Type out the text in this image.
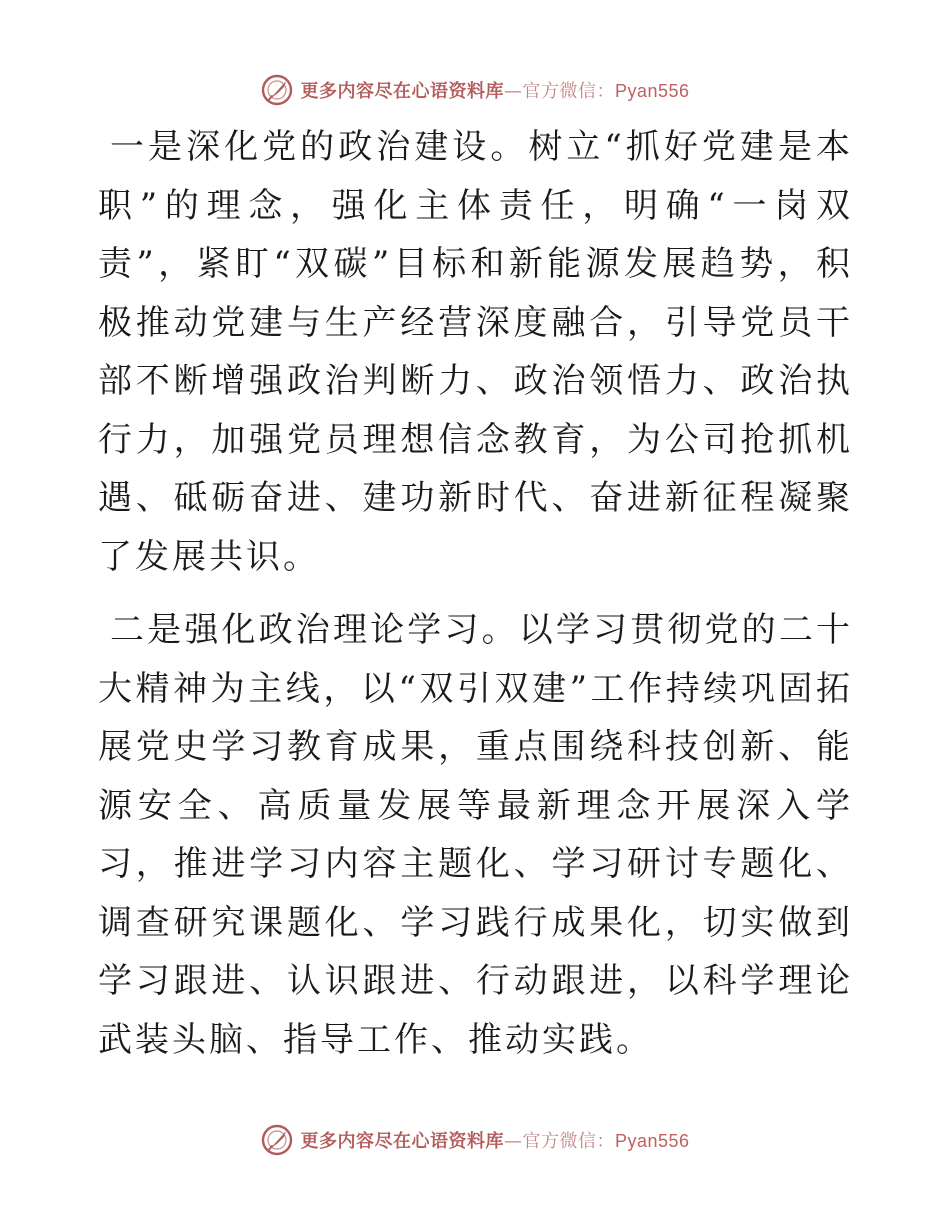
更多内容尽在心语资料库—官方微信：Pyan556

一是深化党的政治建设。树立“抓好党建是本职”的理念，强化主体责任，明确“一岗双责”，紧盯“双碳”目标和新能源发展趋势，积极推动党建与生产经营深度融合，引导党员干部不断增强政治判断力、政治领悟力、政治执行力，加强党员理想信念教育，为公司抢抓机遇、砥砺奋进、建功新时代、奋进新征程凝聚了发展共识。

二是强化政治理论学习。以学习贯彻党的二十大精神为主线，以“双引双建”工作持续巩固拓展党史学习教育成果，重点围绕科技创新、能源安全、高质量发展等最新理念开展深入学习，推进学习内容主题化、学习研讨专题化、调查研究课题化、学习践行成果化，切实做到学习跟进、认识跟进、行动跟进，以科学理论武装头脑、指导工作、推动实践。

更多内容尽在心语资料库—官方微信：Pyan556
